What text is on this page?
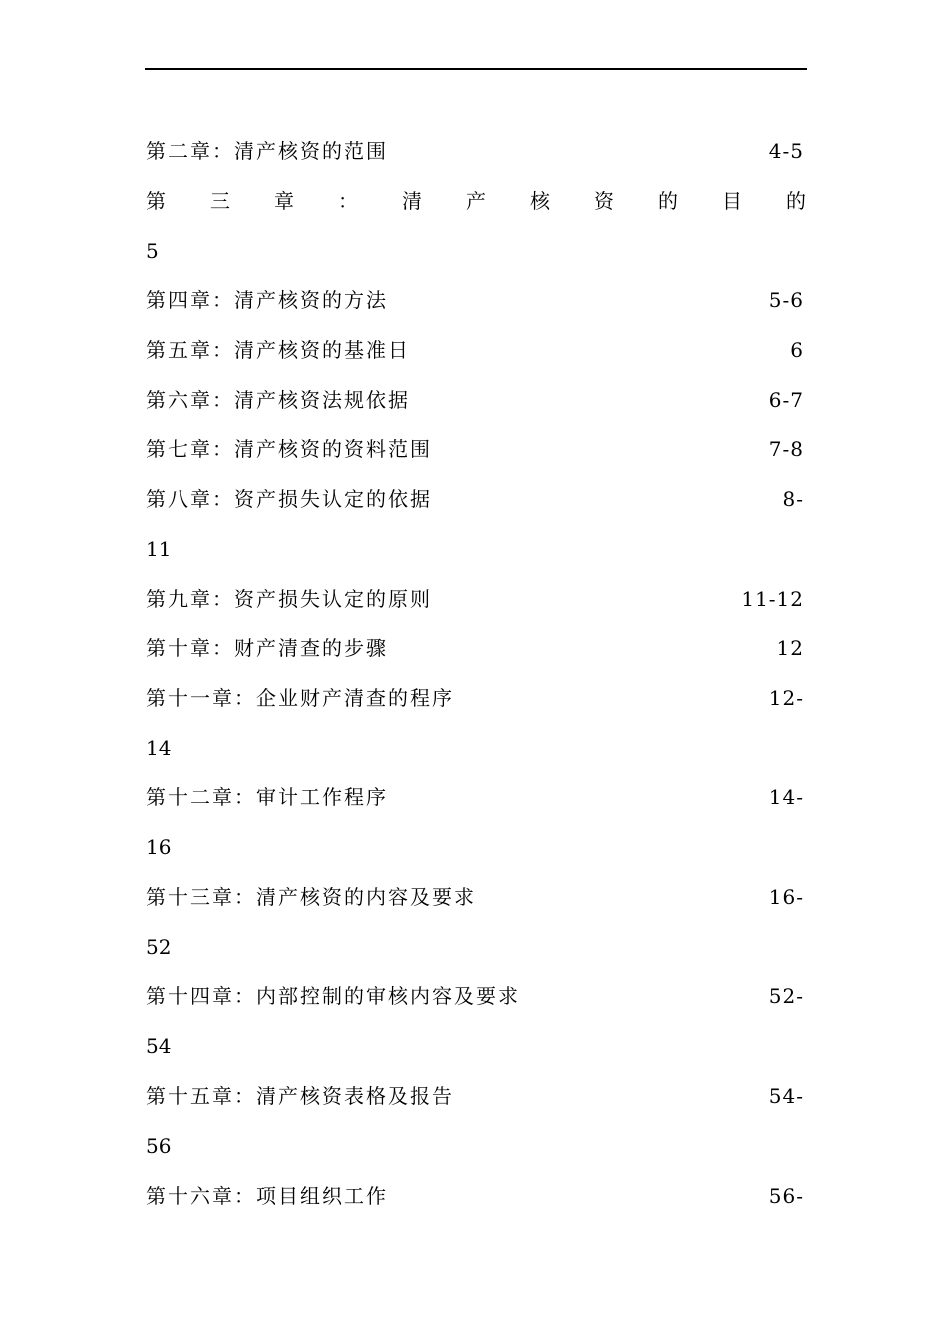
第二章：清产核资的范围	4-5
第 三 章 ： 清 产 核 资 的 目 的
5
第四章：清产核资的方法	5-6
第五章：清产核资的基准日	6
第六章：清产核资法规依据	6-7
第七章：清产核资的资料范围	7-8
第八章：资产损失认定的依据	8-
11
第九章：资产损失认定的原则	11-12
第十章：财产清查的步骤	12
第十一章：企业财产清查的程序	12-
14
第十二章：审计工作程序	14-
16
第十三章：清产核资的内容及要求	16-
52
第十四章：内部控制的审核内容及要求	52-
54
第十五章：清产核资表格及报告	54-
56
第十六章：项目组织工作	56-
